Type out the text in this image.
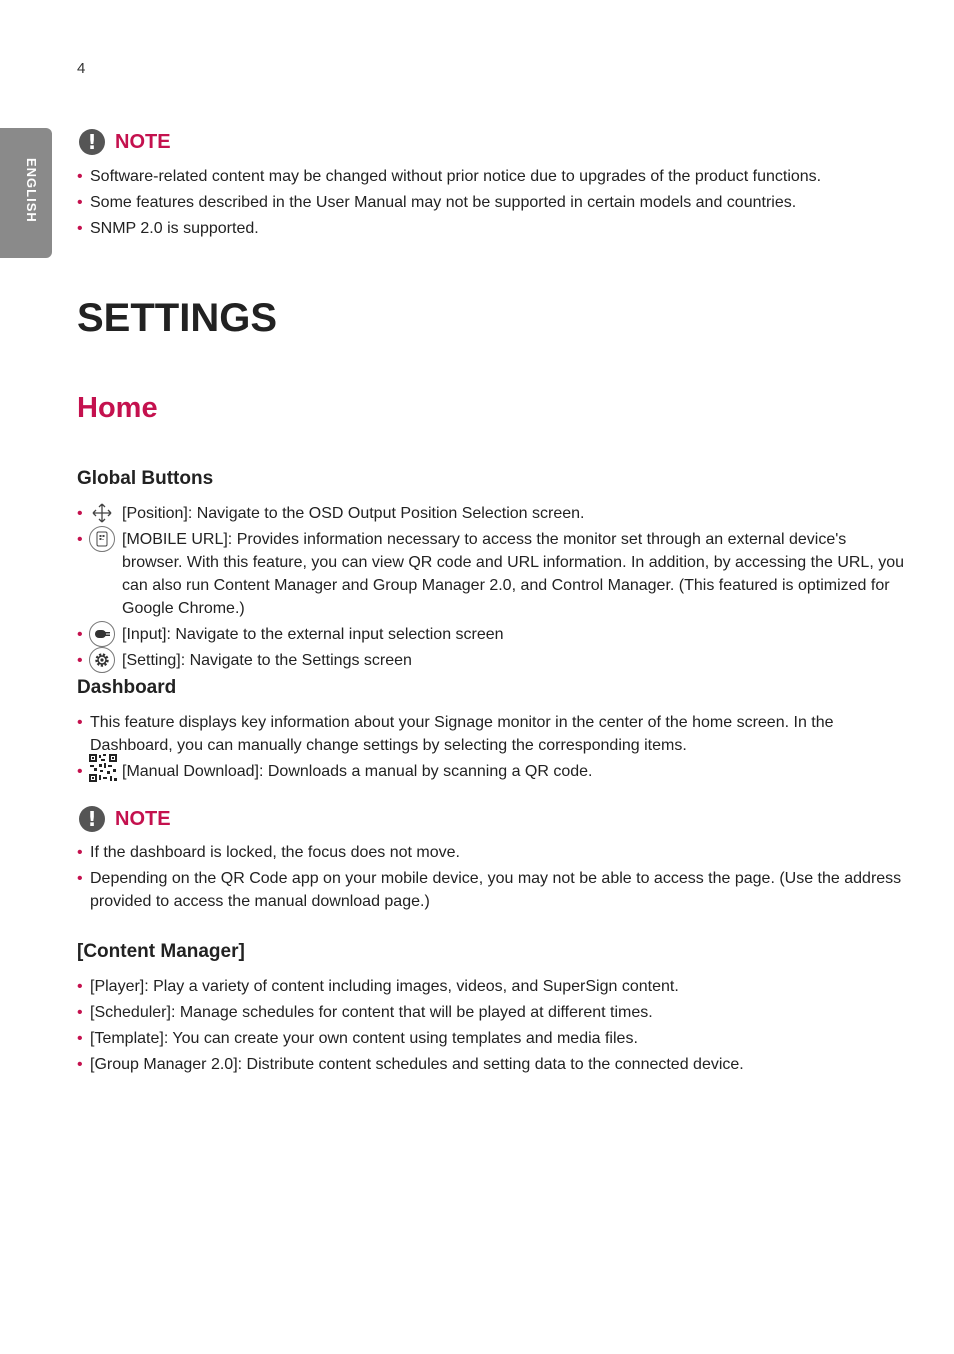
4
ENGLISH
! NOTE
• Software-related content may be changed without prior notice due to upgrades of the product functions.
• Some features described in the User Manual may not be supported in certain models and countries.
• SNMP 2.0 is supported.
SETTINGS
Home
Global Buttons
• [Position]: Navigate to the OSD Output Position Selection screen.
• [MOBILE URL]: Provides information necessary to access the monitor set through an external device's browser. With this feature, you can view QR code and URL information. In addition, by accessing the URL, you can also run Content Manager and Group Manager 2.0, and Control Manager. (This featured is optimized for Google Chrome.)
• [Input]: Navigate to the external input selection screen
• [Setting]: Navigate to the Settings screen
Dashboard
• This feature displays key information about your Signage monitor in the center of the home screen. In the Dashboard, you can manually change settings by selecting the corresponding items.
• [Manual Download]: Downloads a manual by scanning a QR code.
! NOTE
• If the dashboard is locked, the focus does not move.
• Depending on the QR Code app on your mobile device, you may not be able to access the page. (Use the address provided to access the manual download page.)
[Content Manager]
• [Player]: Play a variety of content including images, videos, and SuperSign content.
• [Scheduler]: Manage schedules for content that will be played at different times.
• [Template]: You can create your own content using templates and media files.
• [Group Manager 2.0]: Distribute content schedules and setting data to the connected device.
